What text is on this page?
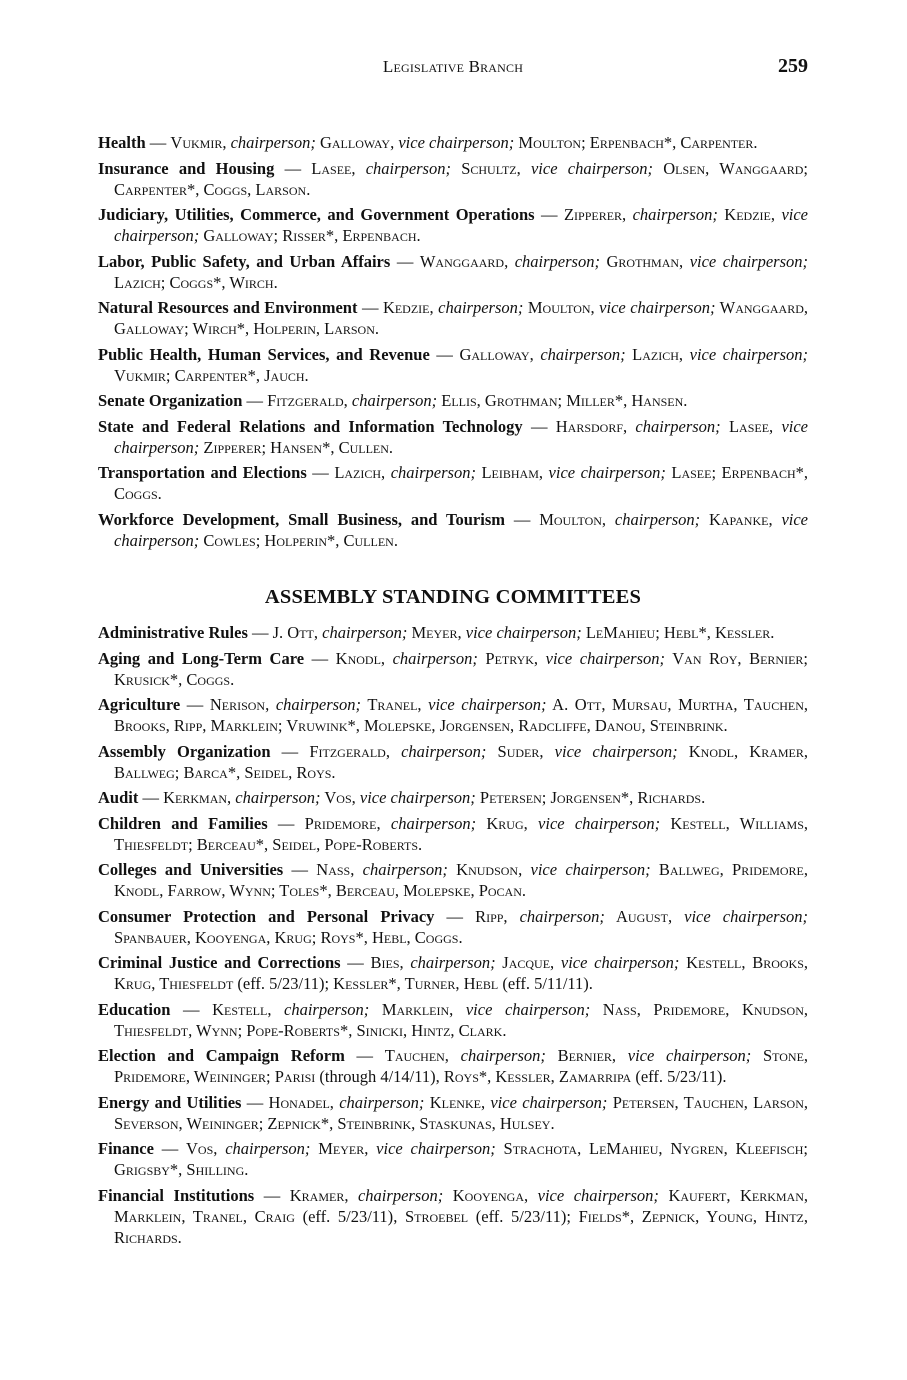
Legislative Branch	259

Health — Vukmir, chairperson; Galloway, vice chairperson; Moulton; Erpenbach*, Carpenter.

Insurance and Housing — Lasee, chairperson; Schultz, vice chairperson; Olsen, Wanggaard; Carpenter*, Coggs, Larson.

Judiciary, Utilities, Commerce, and Government Operations — Zipperer, chairperson; Kedzie, vice chairperson; Galloway; Risser*, Erpenbach.

Labor, Public Safety, and Urban Affairs — Wanggaard, chairperson; Grothman, vice chairperson; Lazich; Coggs*, Wirch.

Natural Resources and Environment — Kedzie, chairperson; Moulton, vice chairperson; Wanggaard, Galloway; Wirch*, Holperin, Larson.

Public Health, Human Services, and Revenue — Galloway, chairperson; Lazich, vice chairperson; Vukmir; Carpenter*, Jauch.

Senate Organization — Fitzgerald, chairperson; Ellis, Grothman; Miller*, Hansen.

State and Federal Relations and Information Technology — Harsdorf, chairperson; Lasee, vice chairperson; Zipperer; Hansen*, Cullen.

Transportation and Elections — Lazich, chairperson; Leibham, vice chairperson; Lasee; Erpenbach*, Coggs.

Workforce Development, Small Business, and Tourism — Moulton, chairperson; Kapanke, vice chairperson; Cowles; Holperin*, Cullen.

ASSEMBLY STANDING COMMITTEES

Administrative Rules — J. Ott, chairperson; Meyer, vice chairperson; LeMahieu; Hebl*, Kessler.

Aging and Long-Term Care — Knodl, chairperson; Petryk, vice chairperson; Van Roy, Bernier; Krusick*, Coggs.

Agriculture — Nerison, chairperson; Tranel, vice chairperson; A. Ott, Mursau, Murtha, Tauchen, Brooks, Ripp, Marklein; Vruwink*, Molepske, Jorgensen, Radcliffe, Danou, Steinbrink.

Assembly Organization — Fitzgerald, chairperson; Suder, vice chairperson; Knodl, Kramer, Ballweg; Barca*, Seidel, Roys.

Audit — Kerkman, chairperson; Vos, vice chairperson; Petersen; Jorgensen*, Richards.

Children and Families — Pridemore, chairperson; Krug, vice chairperson; Kestell, Williams, Thiesfeldt; Berceau*, Seidel, Pope-Roberts.

Colleges and Universities — Nass, chairperson; Knudson, vice chairperson; Ballweg, Pridemore, Knodl, Farrow, Wynn; Toles*, Berceau, Molepske, Pocan.

Consumer Protection and Personal Privacy — Ripp, chairperson; August, vice chairperson; Spanbauer, Kooyenga, Krug; Roys*, Hebl, Coggs.

Criminal Justice and Corrections — Bies, chairperson; Jacque, vice chairperson; Kestell, Brooks, Krug, Thiesfeldt (eff. 5/23/11); Kessler*, Turner, Hebl (eff. 5/11/11).

Education — Kestell, chairperson; Marklein, vice chairperson; Nass, Pridemore, Knudson, Thiesfeldt, Wynn; Pope-Roberts*, Sinicki, Hintz, Clark.

Election and Campaign Reform — Tauchen, chairperson; Bernier, vice chairperson; Stone, Pridemore, Weininger; Parisi (through 4/14/11), Roys*, Kessler, Zamarripa (eff. 5/23/11).

Energy and Utilities — Honadel, chairperson; Klenke, vice chairperson; Petersen, Tauchen, Larson, Severson, Weininger; Zepnick*, Steinbrink, Staskunas, Hulsey.

Finance — Vos, chairperson; Meyer, vice chairperson; Strachota, LeMahieu, Nygren, Kleefisch; Grigsby*, Shilling.

Financial Institutions — Kramer, chairperson; Kooyenga, vice chairperson; Kaufert, Kerkman, Marklein, Tranel, Craig (eff. 5/23/11), Stroebel (eff. 5/23/11); Fields*, Zepnick, Young, Hintz, Richards.
